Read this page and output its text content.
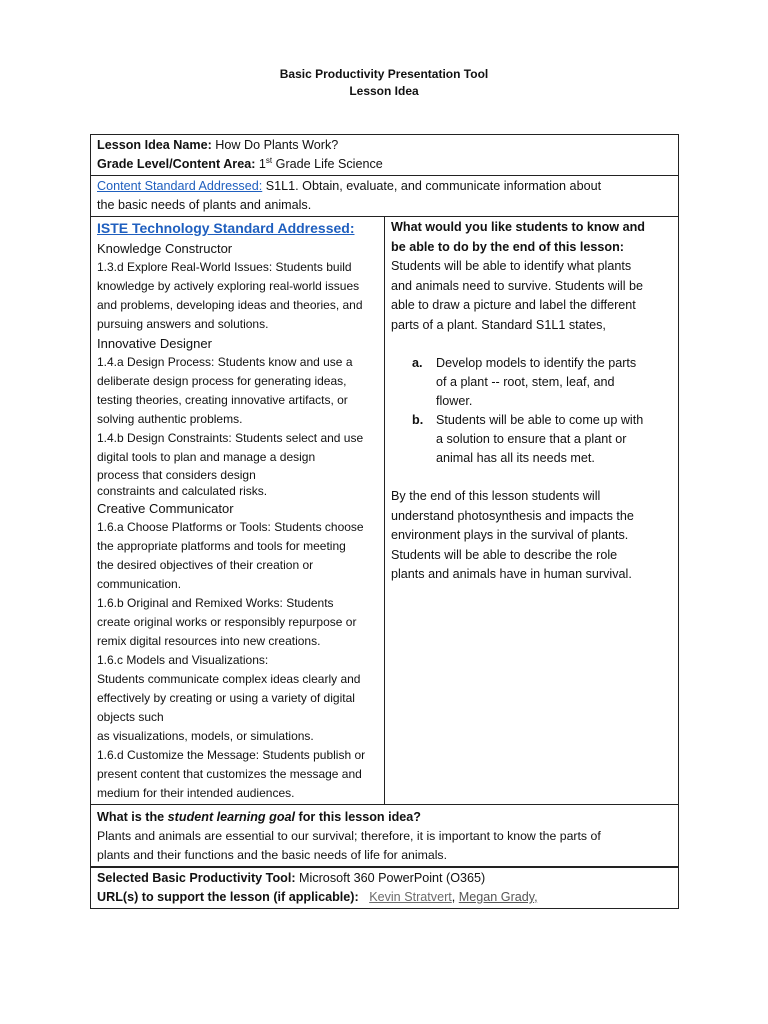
Basic Productivity Presentation Tool
Lesson Idea
Lesson Idea Name: How Do Plants Work?
Grade Level/Content Area: 1st Grade Life Science

Content Standard Addressed: S1L1. Obtain, evaluate, and communicate information about
the basic needs of plants and animals.

ISTE Technology Standard Addressed:
Knowledge Constructor
1.3.d Explore Real-World Issues: Students build
knowledge by actively exploring real-world issues
and problems, developing ideas and theories, and
pursuing answers and solutions.
Innovative Designer
1.4.a Design Process: Students know and use a
deliberate design process for generating ideas,
testing theories, creating innovative artifacts, or
solving authentic problems.
1.4.b Design Constraints: Students select and use
digital tools to plan and manage a design
process that considers design
constraints and calculated risks.
Creative Communicator
1.6.a Choose Platforms or Tools: Students choose
the appropriate platforms and tools for meeting
the desired objectives of their creation or
communication.
1.6.b Original and Remixed Works: Students
create original works or responsibly repurpose or
remix digital resources into new creations.
1.6.c Models and Visualizations:
Students communicate complex ideas clearly and
effectively by creating or using a variety of digital
objects such
as visualizations, models, or simulations.
1.6.d Customize the Message: Students publish or
present content that customizes the message and
medium for their intended audiences.

What would you like students to know and
be able to do by the end of this lesson:
Students will be able to identify what plants
and animals need to survive. Students will be
able to draw a picture and label the different
parts of a plant. Standard S1L1 states,
a. Develop models to identify the parts
of a plant -- root, stem, leaf, and
flower.
b. Students will be able to come up with
a solution to ensure that a plant or
animal has all its needs met.
By the end of this lesson students will
understand photosynthesis and impacts the
environment plays in the survival of plants.
Students will be able to describe the role
plants and animals have in human survival.

What is the student learning goal for this lesson idea?
Plants and animals are essential to our survival; therefore, it is important to know the parts of
plants and their functions and the basic needs of life for animals.

Selected Basic Productivity Tool: Microsoft 360 PowerPoint (O365)
URL(s) to support the lesson (if applicable): Kevin Stratvert, Megan Grady,
